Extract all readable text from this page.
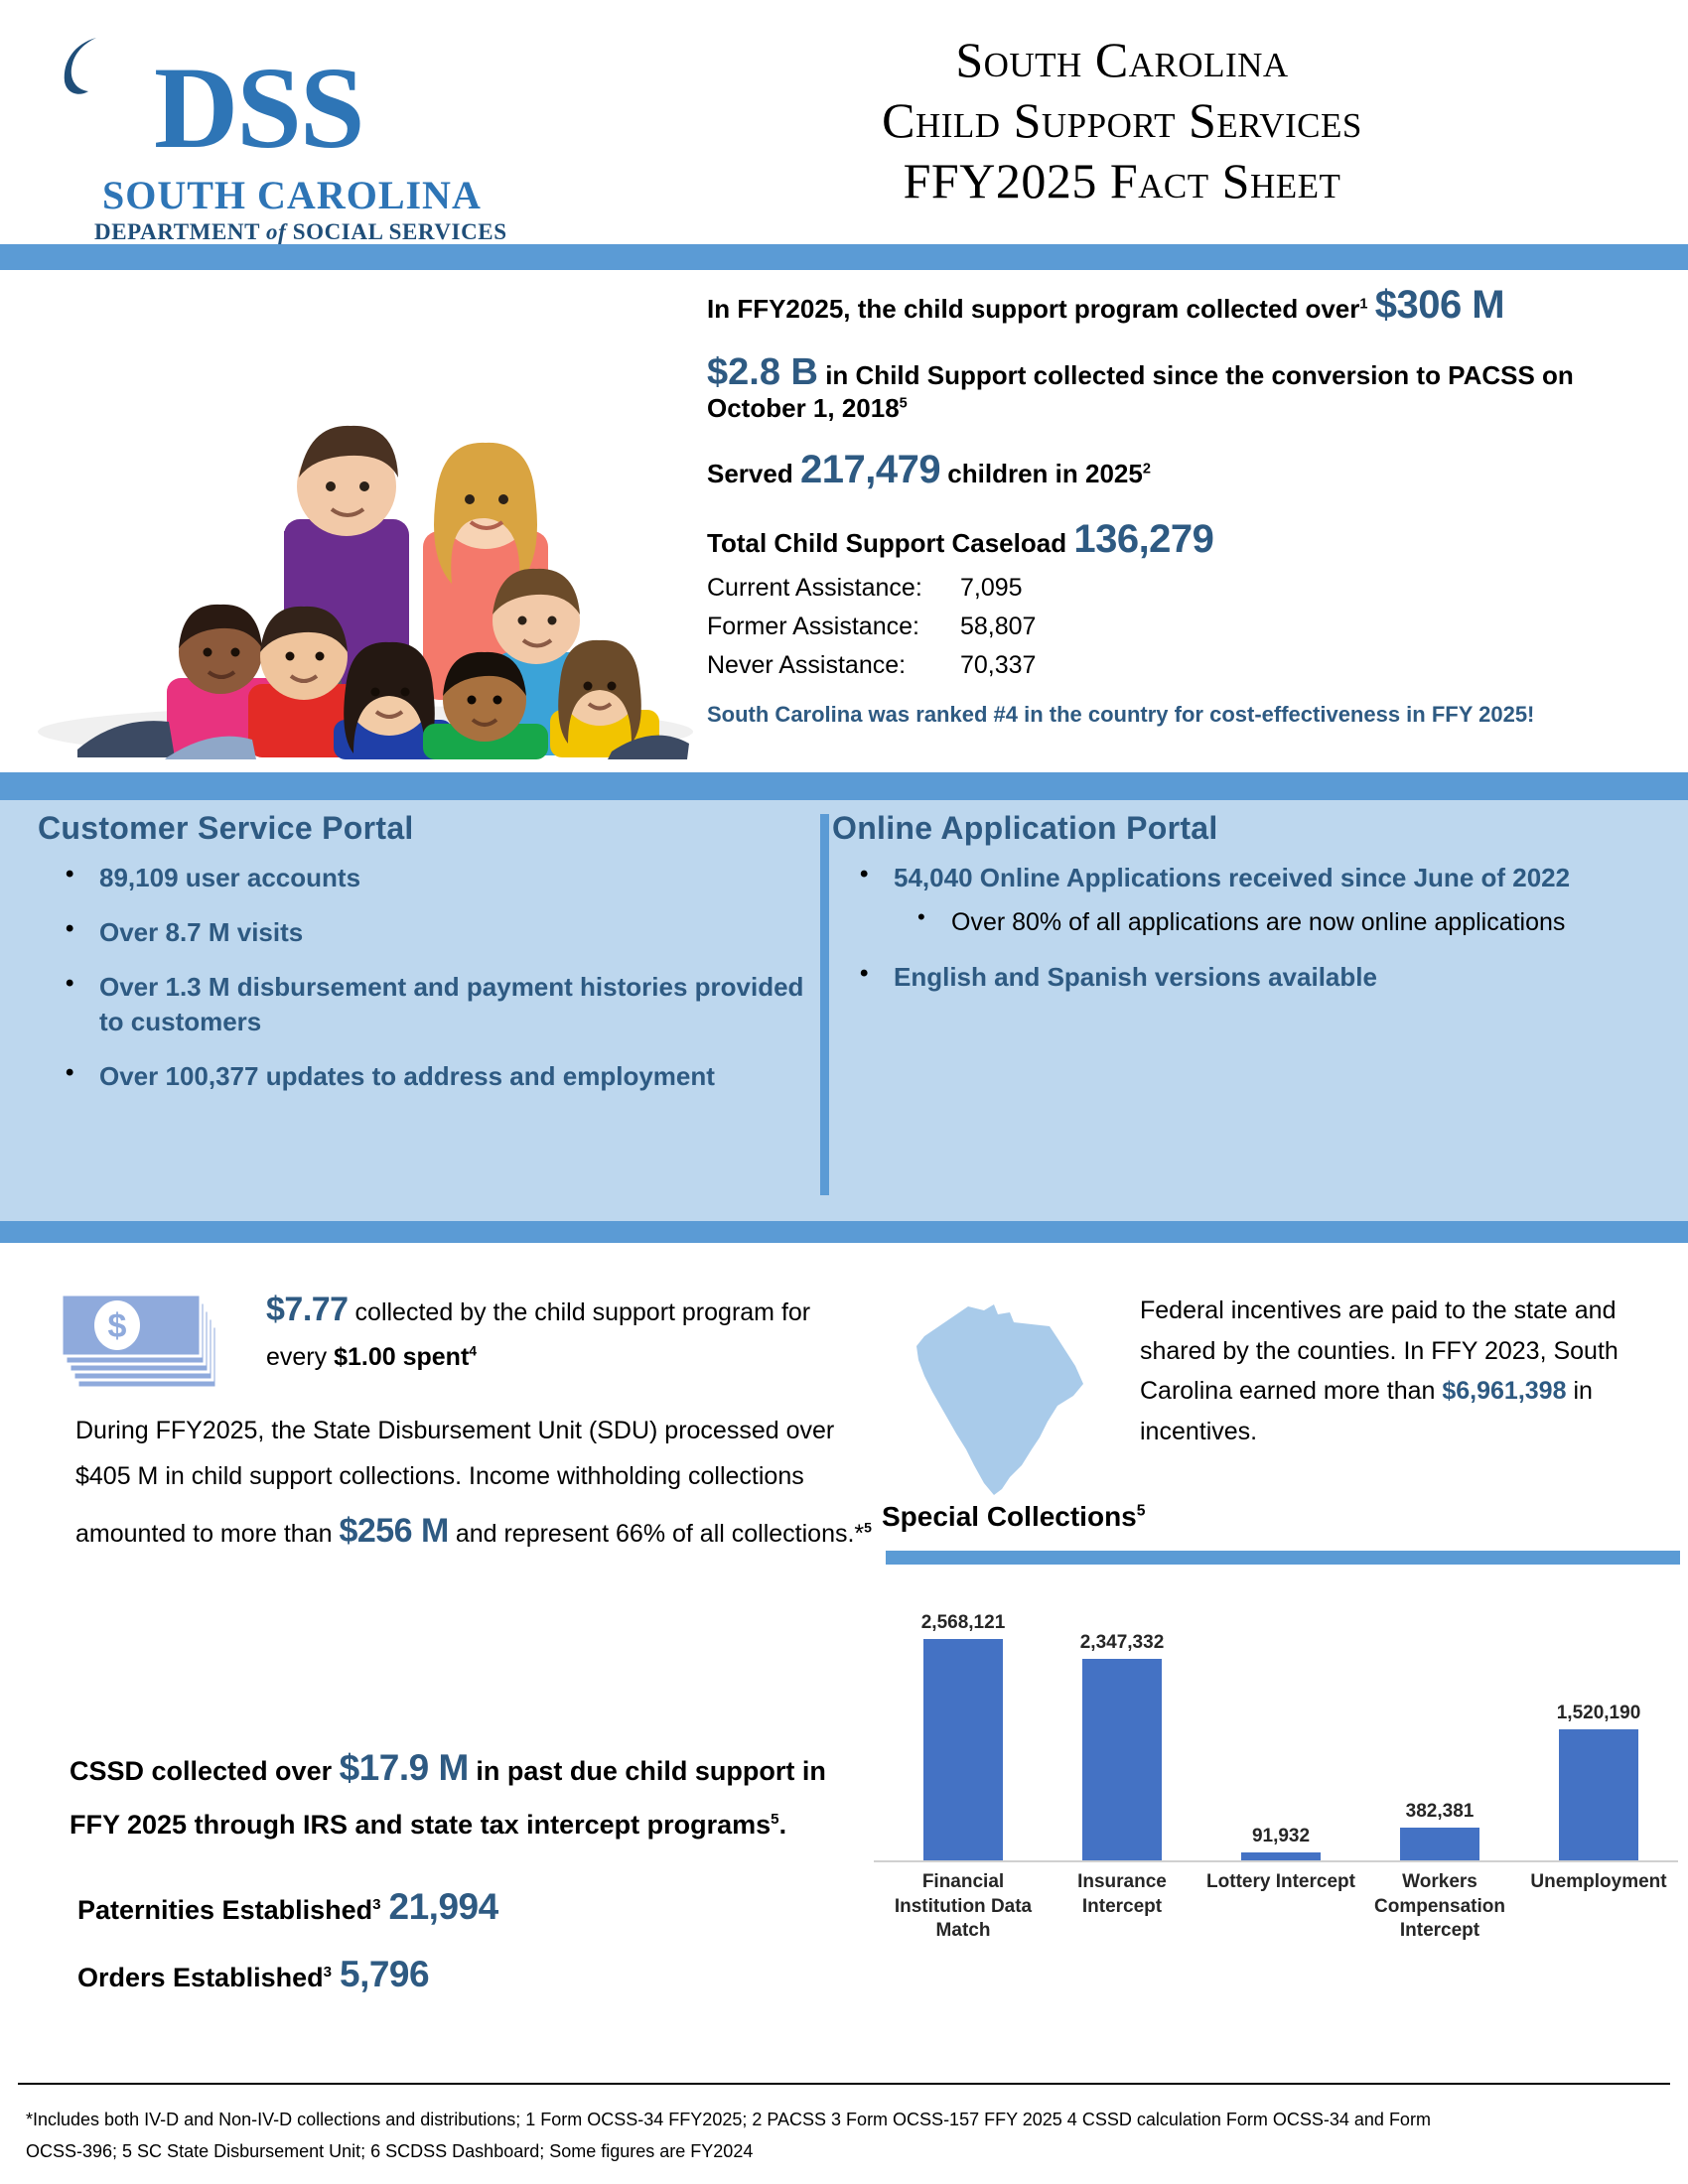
DSS
SOUTH CAROLINA
DEPARTMENT of SOCIAL SERVICES
South Carolina
Child Support Services
FFY2025 Fact Sheet
In FFY2025, the child support program collected over$^1$ $306 M
$2.8 B in Child Support collected since the conversion to PACSS on October 1, 2018$^5$
Served 217,479 children in 2025$^2$
Total Child Support Caseload 136,279
Current Assistance:	7,095
Former Assistance:	58,807
Never Assistance:	70,337
South Carolina was ranked #4 in the country for cost-effectiveness in FFY 2025!
Customer Service Portal
• 89,109 user accounts
• Over 8.7 M visits
• Over 1.3 M disbursement and payment histories provided to customers
• Over 100,377 updates to address and employment
Online Application Portal
• 54,040 Online Applications received since June of 2022
• Over 80% of all applications are now online applications
• English and Spanish versions available
$	$7.77 collected by the child support program for every $1.00 spent$^4$
During FFY2025, the State Disbursement Unit (SDU) processed over $405 M in child support collections. Income withholding collections amounted to more than $256 M and represent 66% of all collections.*$^5$
Federal incentives are paid to the state and shared by the counties. In FFY 2023, South Carolina earned more than $6,961,398 in incentives.
CSSD collected over $17.9 M in past due child support in FFY 2025 through IRS and state tax intercept programs$^5$.
Paternities Established$^3$ 21,994
Orders Established$^3$ 5,796
Special Collections$^5$
2,568,121
2,347,332
91,932
382,381
1,520,190
Financial Institution Data Match
Insurance Intercept
Lottery Intercept	Workers Compensation Intercept
Unemployment
*Includes both IV-D and Non-IV-D collections and distributions; 1 Form OCSS-34 FFY2025; 2 PACSS 3 Form OCSS-157 FFY 2025 4 CSSD calculation Form OCSS-34 and Form
OCSS-396; 5 SC State Disbursement Unit; 6 SCDSS Dashboard; Some figures are FY2024
